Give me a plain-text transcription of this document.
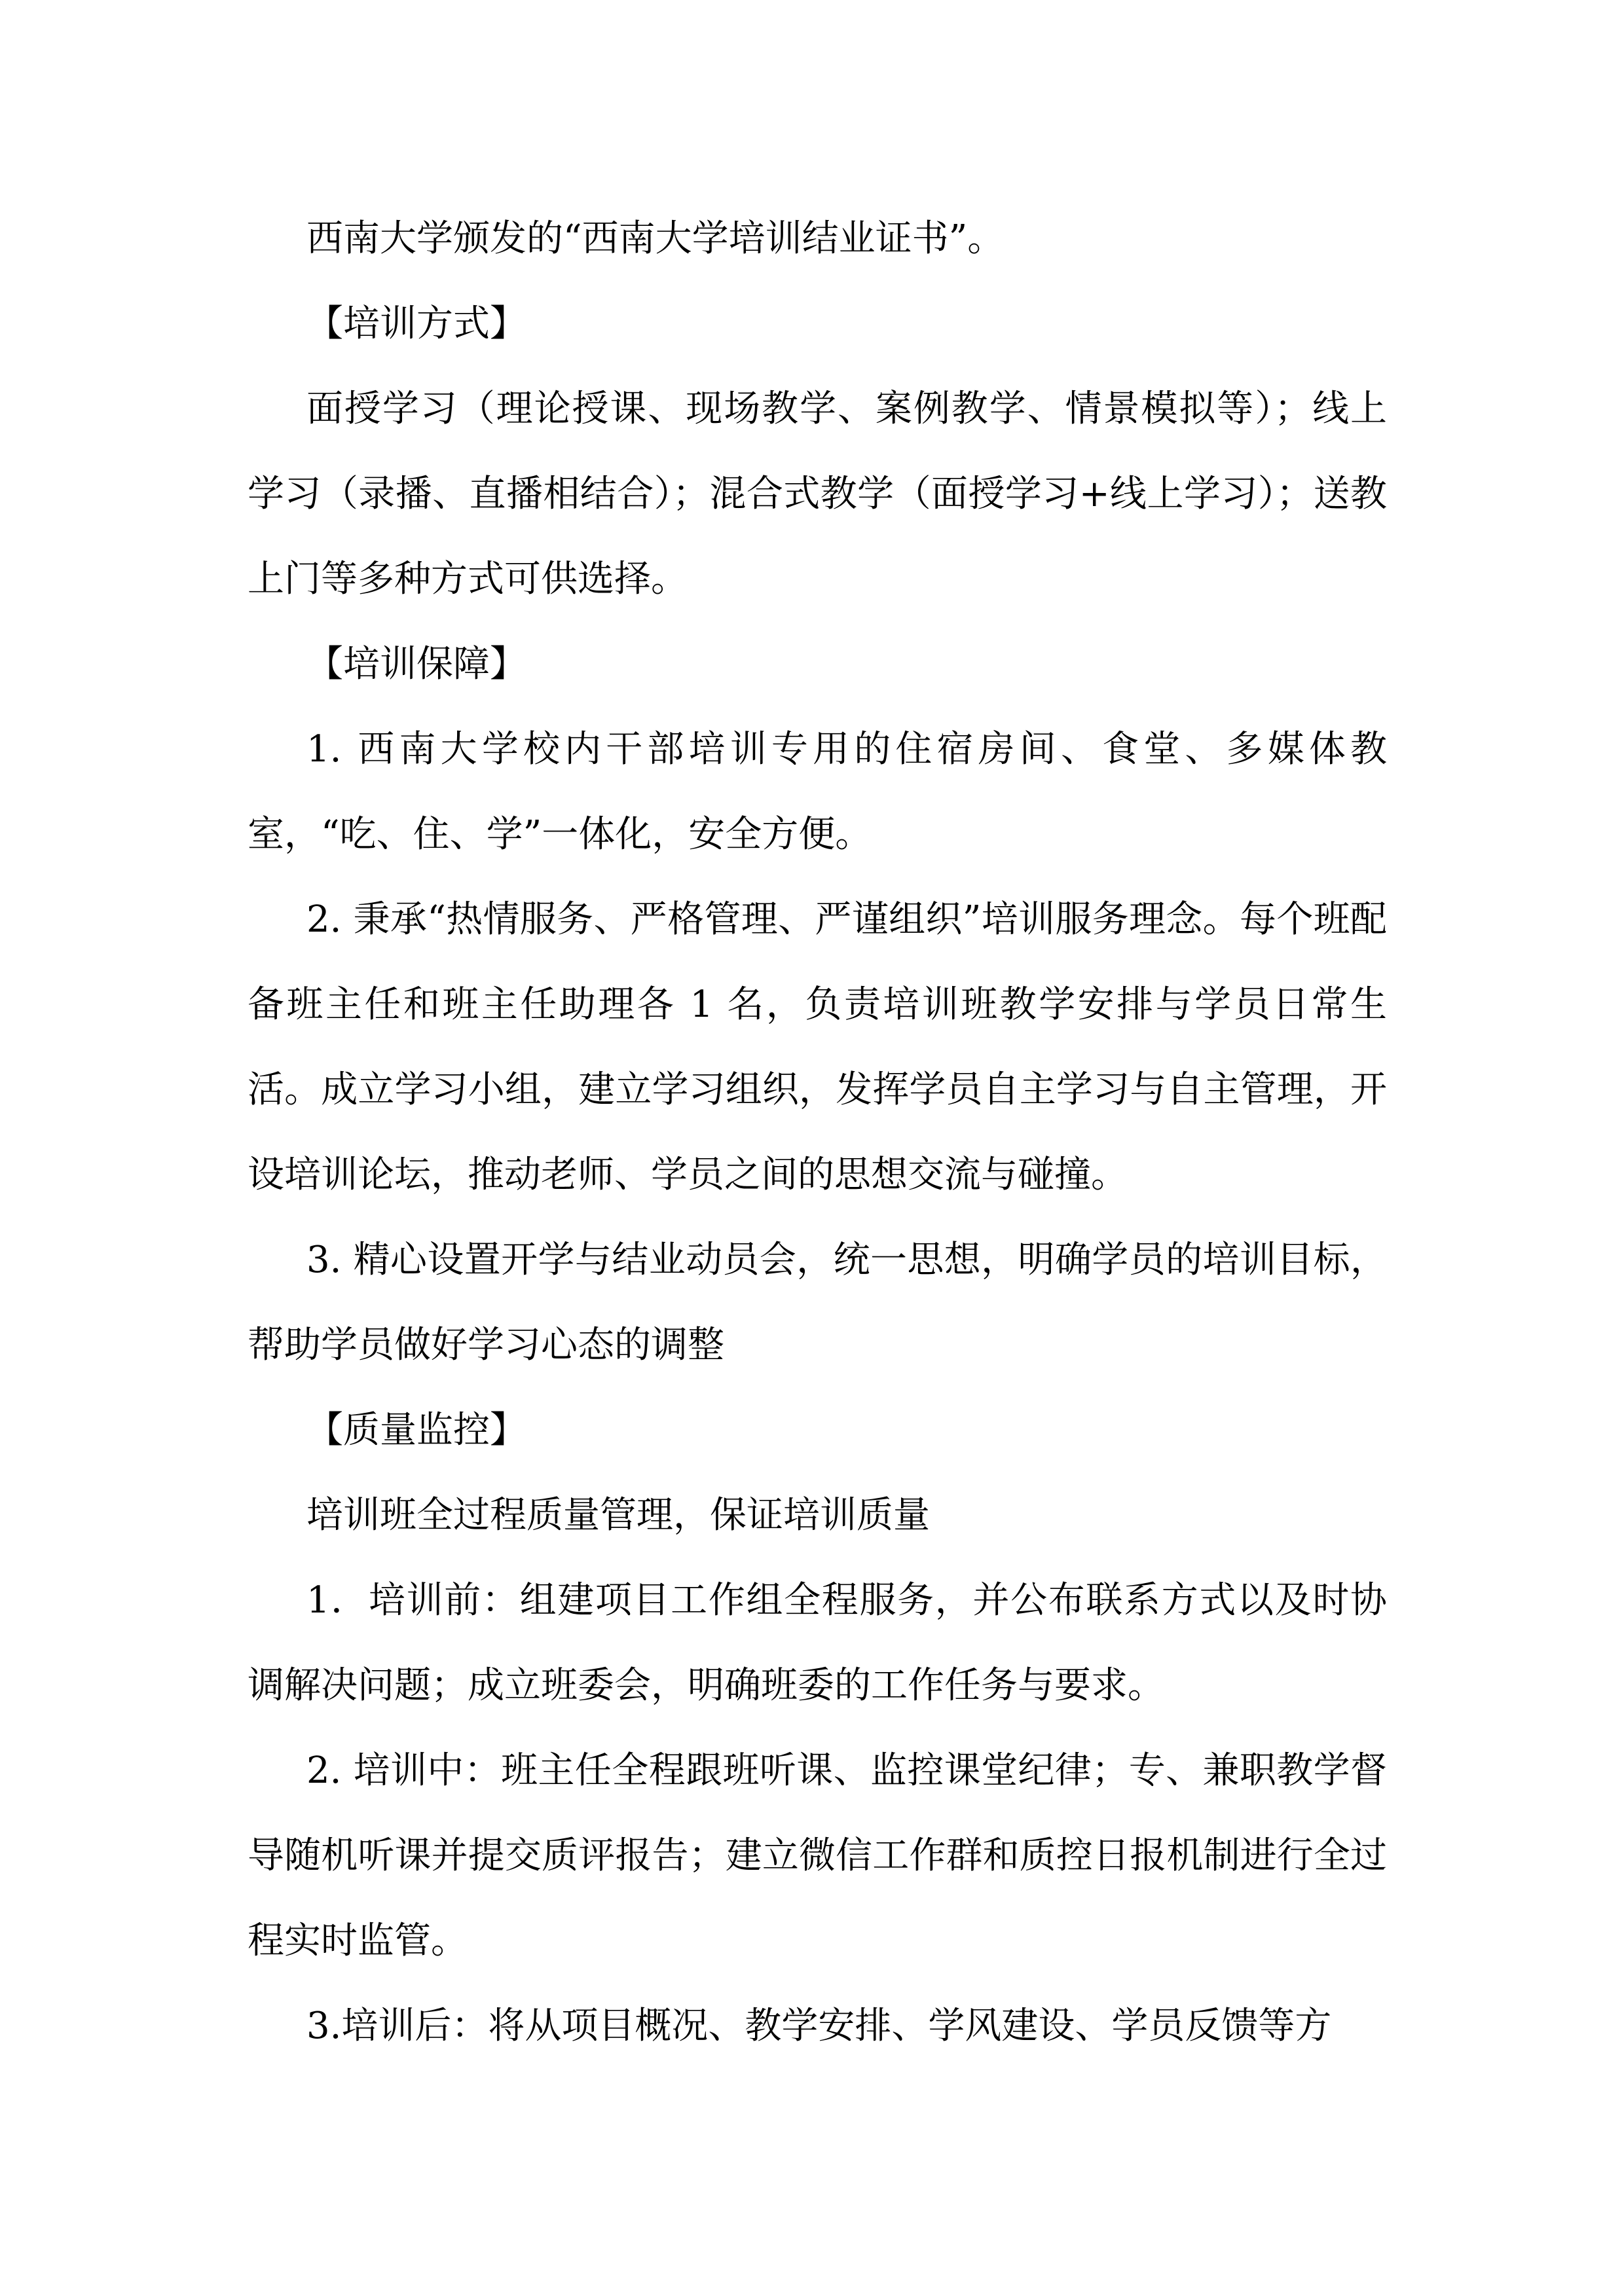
西南大学颁发的“西南大学培训结业证书”。

【培训方式】

面授学习（理论授课、现场教学、案例教学、情景模拟等）；线上学习（录播、直播相结合）；混合式教学（面授学习+线上学习）；送教上门等多种方式可供选择。

【培训保障】

1. 西南大学校内干部培训专用的住宿房间、食堂、多媒体教室，“吃、住、学”一体化，安全方便。

2. 秉承“热情服务、严格管理、严谨组织”培训服务理念。每个班配备班主任和班主任助理各 1 名，负责培训班教学安排与学员日常生活。成立学习小组，建立学习组织，发挥学员自主学习与自主管理，开设培训论坛，推动老师、学员之间的思想交流与碰撞。

3. 精心设置开学与结业动员会，统一思想，明确学员的培训目标，帮助学员做好学习心态的调整

【质量监控】

培训班全过程质量管理，保证培训质量

1．培训前：组建项目工作组全程服务，并公布联系方式以及时协调解决问题；成立班委会，明确班委的工作任务与要求。

2. 培训中：班主任全程跟班听课、监控课堂纪律；专、兼职教学督导随机听课并提交质评报告；建立微信工作群和质控日报机制进行全过程实时监管。

3.培训后：将从项目概况、教学安排、学风建设、学员反馈等方
